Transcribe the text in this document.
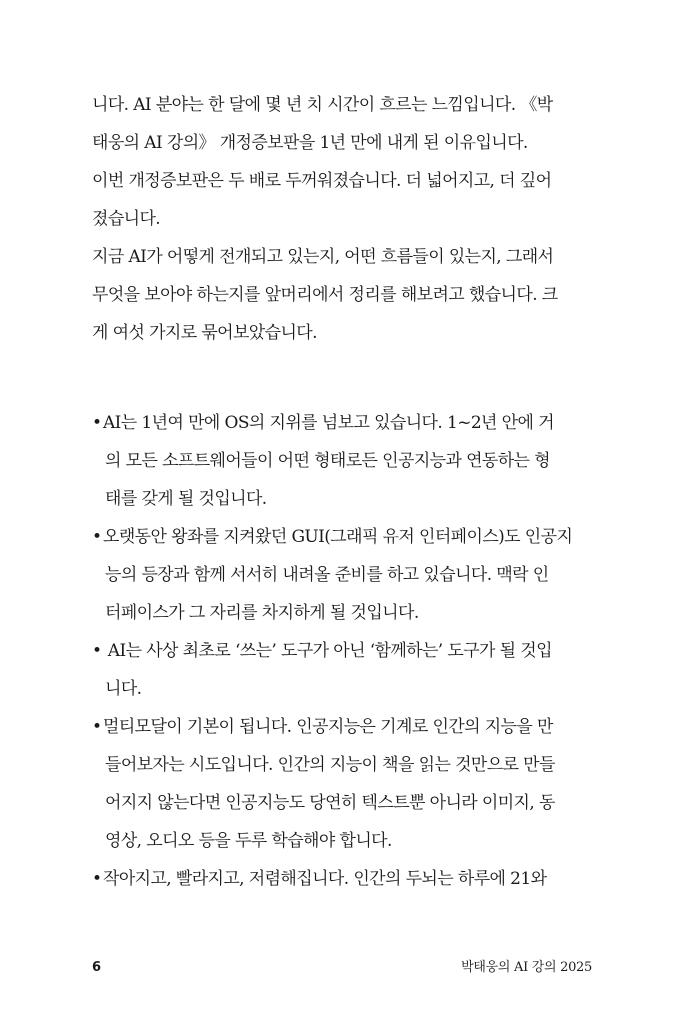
니다. AI 분야는 한 달에 몇 년 치 시간이 흐르는 느낌입니다. 《박
태웅의 AI 강의》 개정증보판을 1년 만에 내게 된 이유입니다.
이번 개정증보판은 두 배로 두꺼워졌습니다. 더 넓어지고, 더 깊어
졌습니다.
지금 AI가 어떻게 전개되고 있는지, 어떤 흐름들이 있는지, 그래서
무엇을 보아야 하는지를 앞머리에서 정리를 해보려고 했습니다. 크
게 여섯 가지로 묶어보았습니다.
•AI는 1년여 만에 OS의 지위를 넘보고 있습니다. 1~2년 안에 거
의 모든 소프트웨어들이 어떤 형태로든 인공지능과 연동하는 형
태를 갖게 될 것입니다.
•오랫동안 왕좌를 지켜왔던 GUI(그래픽 유저 인터페이스)도 인공지
능의 등장과 함께 서서히 내려올 준비를 하고 있습니다. 맥락 인
터페이스가 그 자리를 차지하게 될 것입니다.
• AI는 사상 최초로 ‘쓰는’ 도구가 아닌 ‘함께하는’ 도구가 될 것입
니다.
•멀티모달이 기본이 됩니다. 인공지능은 기계로 인간의 지능을 만
들어보자는 시도입니다. 인간의 지능이 책을 읽는 것만으로 만들
어지지 않는다면 인공지능도 당연히 텍스트뿐 아니라 이미지, 동
영상, 오디오 등을 두루 학습해야 합니다.
•작아지고, 빨라지고, 저렴해집니다. 인간의 두뇌는 하루에 21와
6	박태웅의 AI 강의 2025
